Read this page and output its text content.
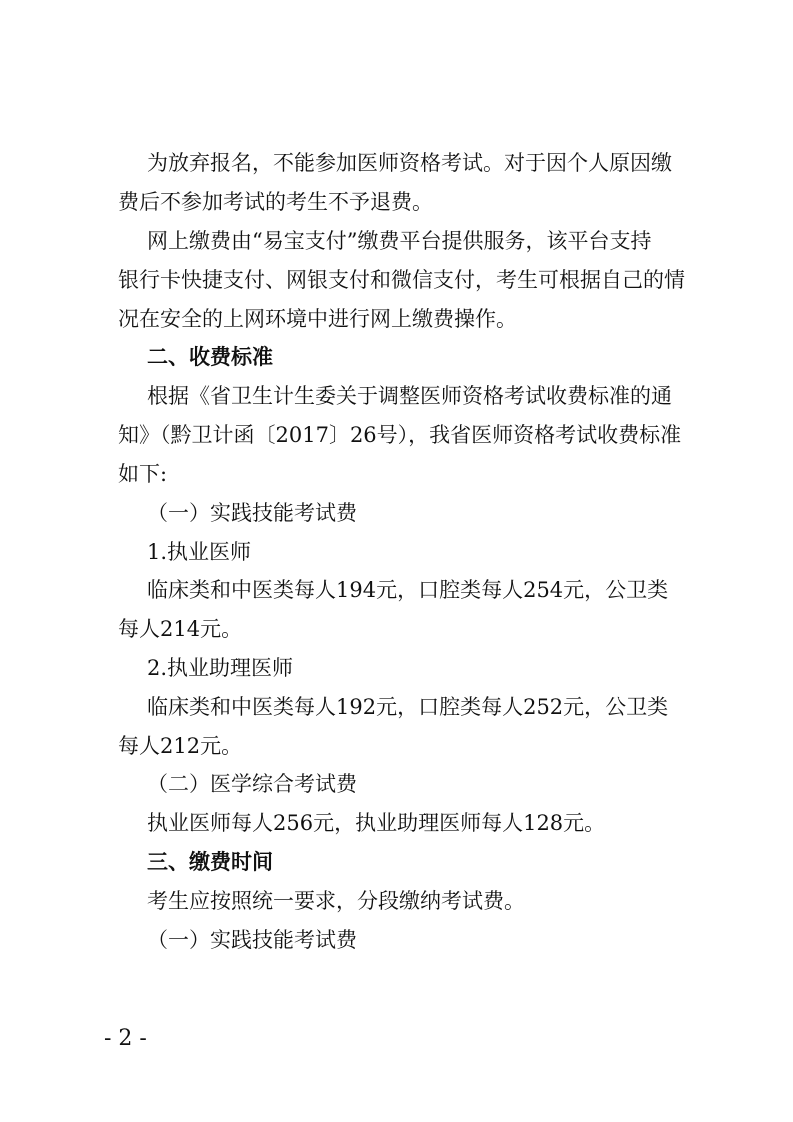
为放弃报名，不能参加医师资格考试。对于因个人原因缴
费后不参加考试的考生不予退费。
网上缴费由“易宝支付”缴费平台提供服务，该平台支持
银行卡快捷支付、网银支付和微信支付，考生可根据自己的情
况在安全的上网环境中进行网上缴费操作。
二、收费标准
根据《省卫生计生委关于调整医师资格考试收费标准的通
知》（黔卫计函〔2017〕26号），我省医师资格考试收费标准
如下:
（一）实践技能考试费
1.执业医师
临床类和中医类每人194元，口腔类每人254元，公卫类
每人214元。
2.执业助理医师
临床类和中医类每人192元，口腔类每人252元，公卫类
每人212元。
（二）医学综合考试费
执业医师每人256元，执业助理医师每人128元。
三、缴费时间
考生应按照统一要求，分段缴纳考试费。
（一）实践技能考试费
- 2 -
